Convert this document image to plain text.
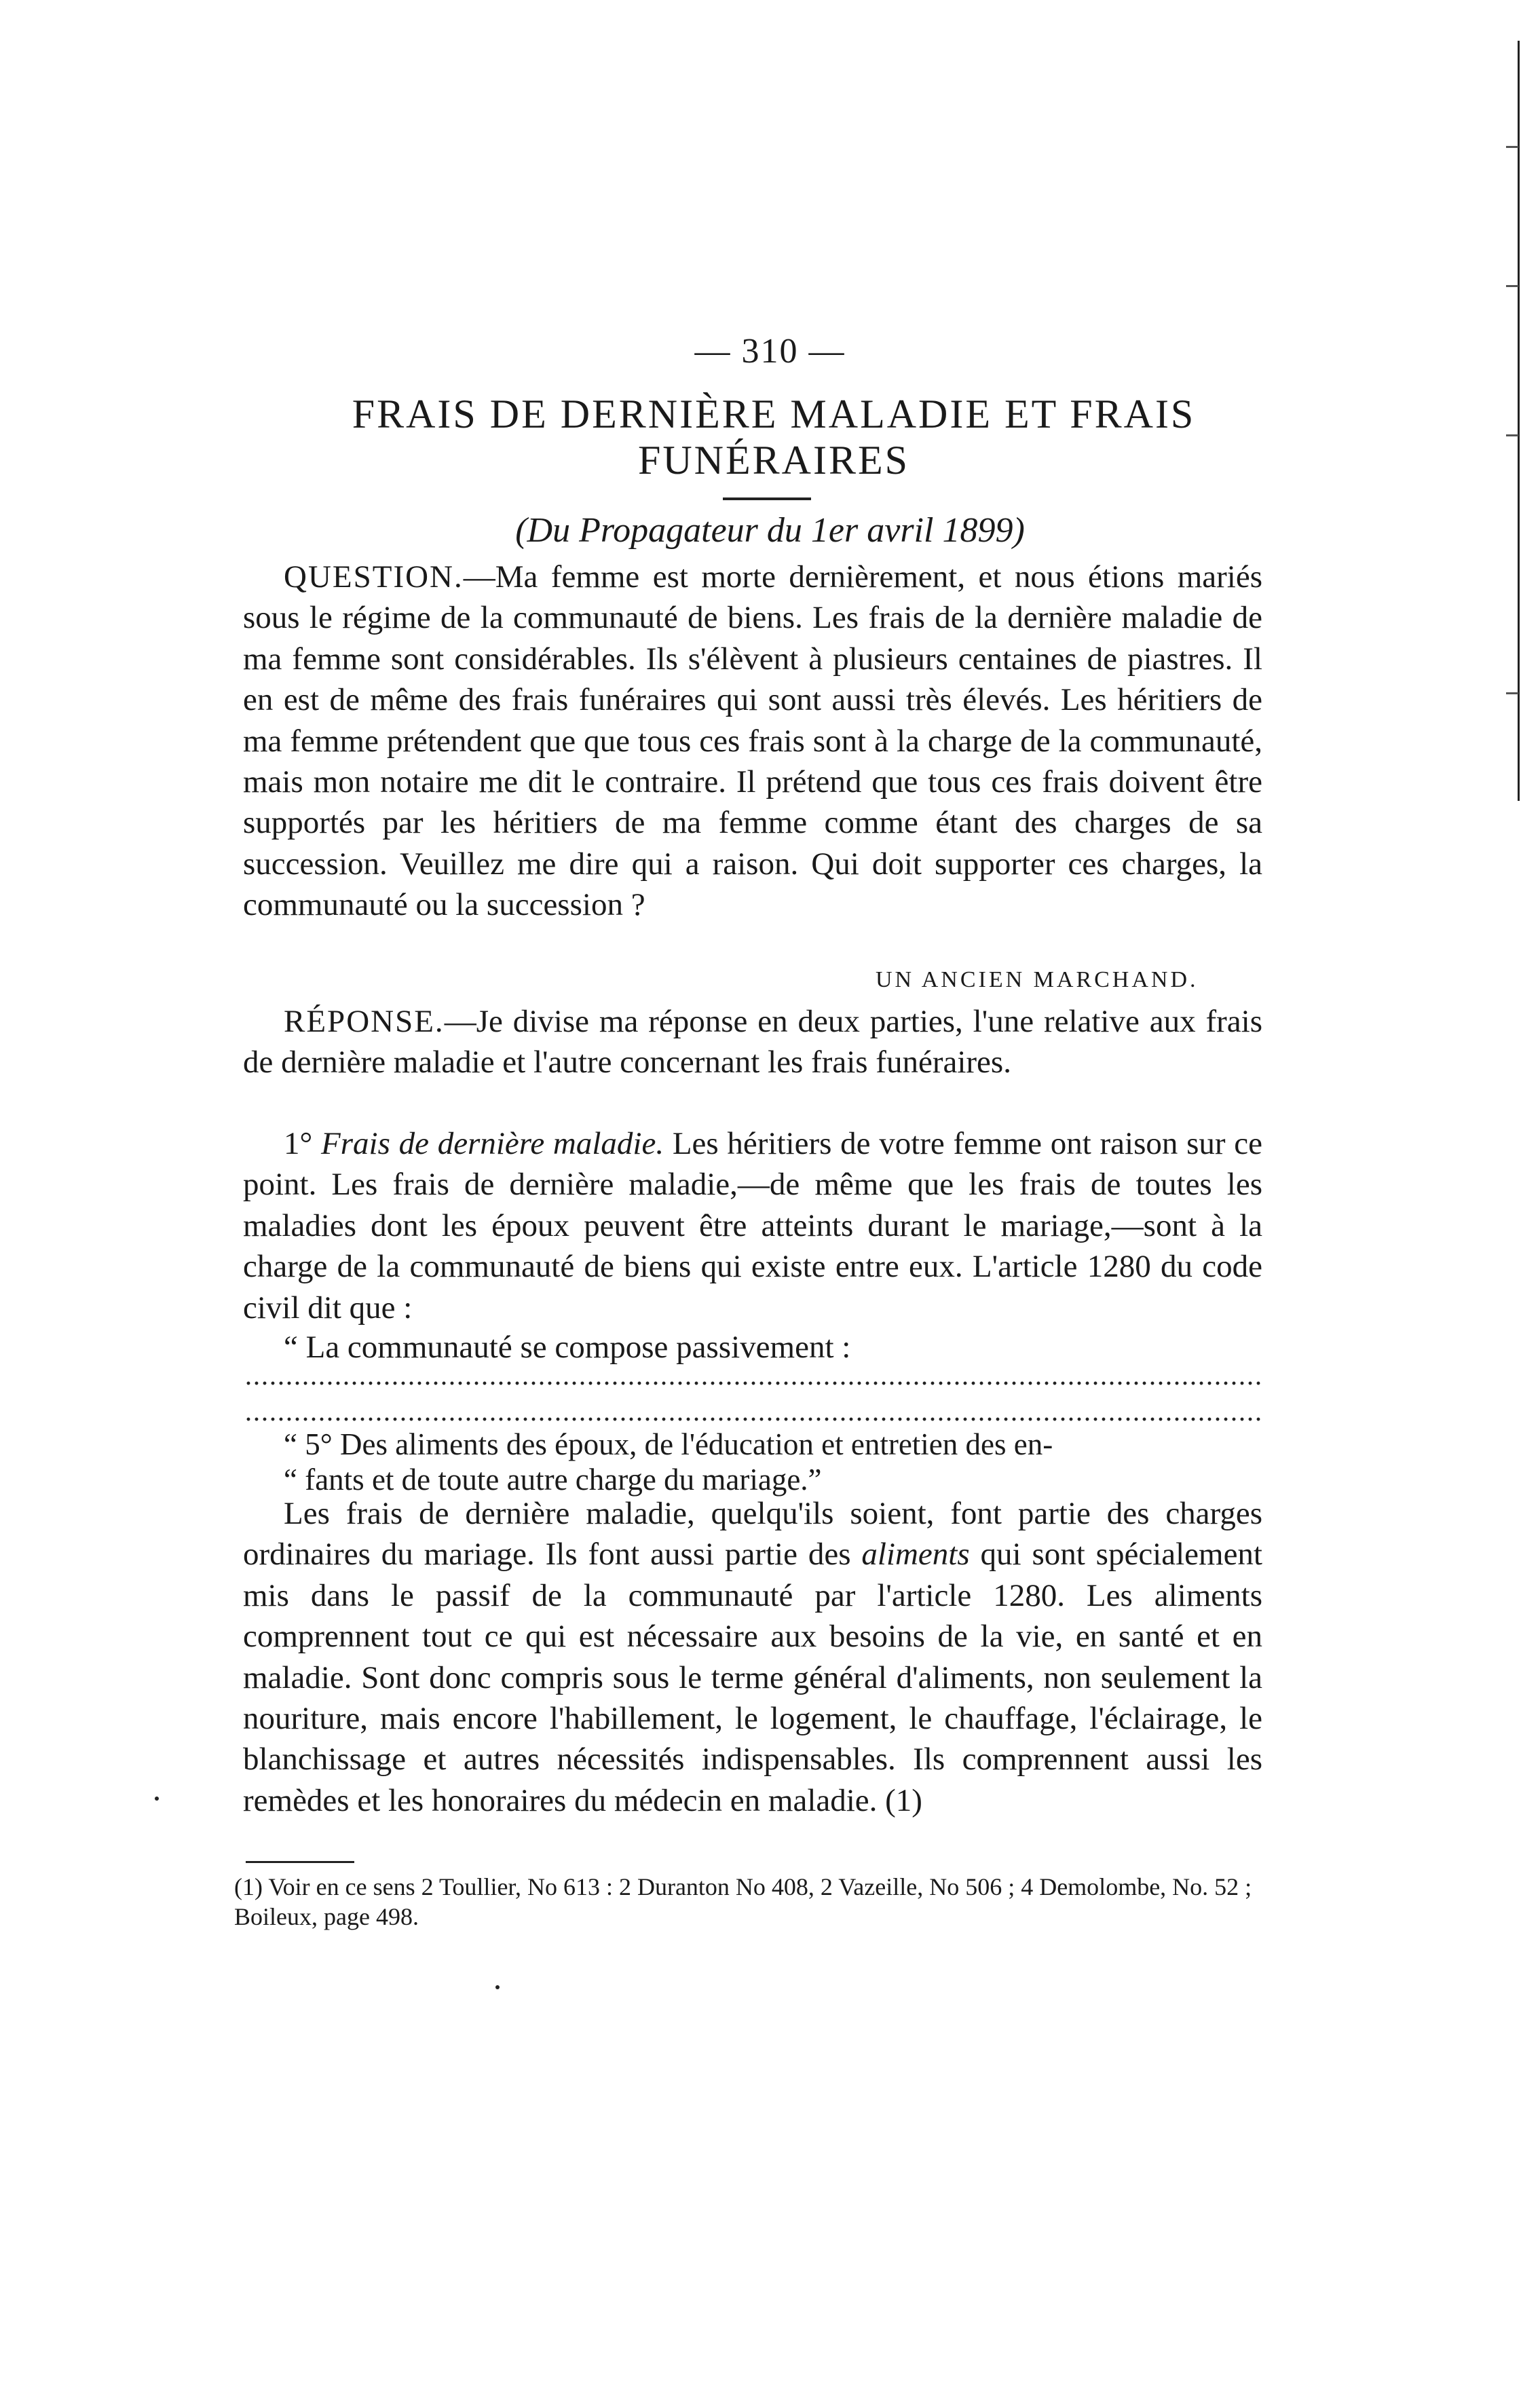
— 310 —
FRAIS DE DERNIÈRE MALADIE ET FRAIS
FUNÉRAIRES
(Du Propagateur du 1er avril 1899)

QUESTION.—Ma femme est morte dernièrement, et nous étions mariés sous le régime de la communauté de biens. Les frais de la dernière maladie de ma femme sont considérables. Ils s'élèvent à plusieurs centaines de piastres. Il en est de même des frais funéraires qui sont aussi très élevés. Les héritiers de ma femme prétendent que que tous ces frais sont à la charge de la communauté, mais mon notaire me dit le contraire. Il prétend que tous ces frais doivent être supportés par les héritiers de ma femme comme étant des charges de sa succession. Veuillez me dire qui a raison. Qui doit supporter ces charges, la communauté ou la succession ?

UN ANCIEN MARCHAND.

RÉPONSE.—Je divise ma réponse en deux parties, l'une relative aux frais de dernière maladie et l'autre concernant les frais funéraires.

1° Frais de dernière maladie. Les héritiers de votre femme ont raison sur ce point. Les frais de dernière maladie,—de même que les frais de toutes les maladies dont les époux peuvent être atteints durant le mariage,—sont à la charge de la communauté de biens qui existe entre eux. L'article 1280 du code civil dit que :

“ La communauté se compose passivement :

“ 5° Des aliments des époux, de l'éducation et entretien des en-

“ fants et de toute autre charge du mariage.”

Les frais de dernière maladie, quelqu'ils soient, font partie des charges ordinaires du mariage. Ils font aussi partie des aliments qui sont spécialement mis dans le passif de la communauté par l'article 1280. Les aliments comprennent tout ce qui est nécessaire aux besoins de la vie, en santé et en maladie. Sont donc compris sous le terme général d'aliments, non seulement la nouriture, mais encore l'habillement, le logement, le chauffage, l'éclairage, le blanchissage et autres nécessités indispensables. Ils comprennent aussi les remèdes et les honoraires du médecin en maladie. (1)

(1) Voir en ce sens 2 Toullier, No 613 : 2 Duranton No 408, 2 Vazeille, No 506 ; 4 Demolombe, No. 52 ; Boileux, page 498.
